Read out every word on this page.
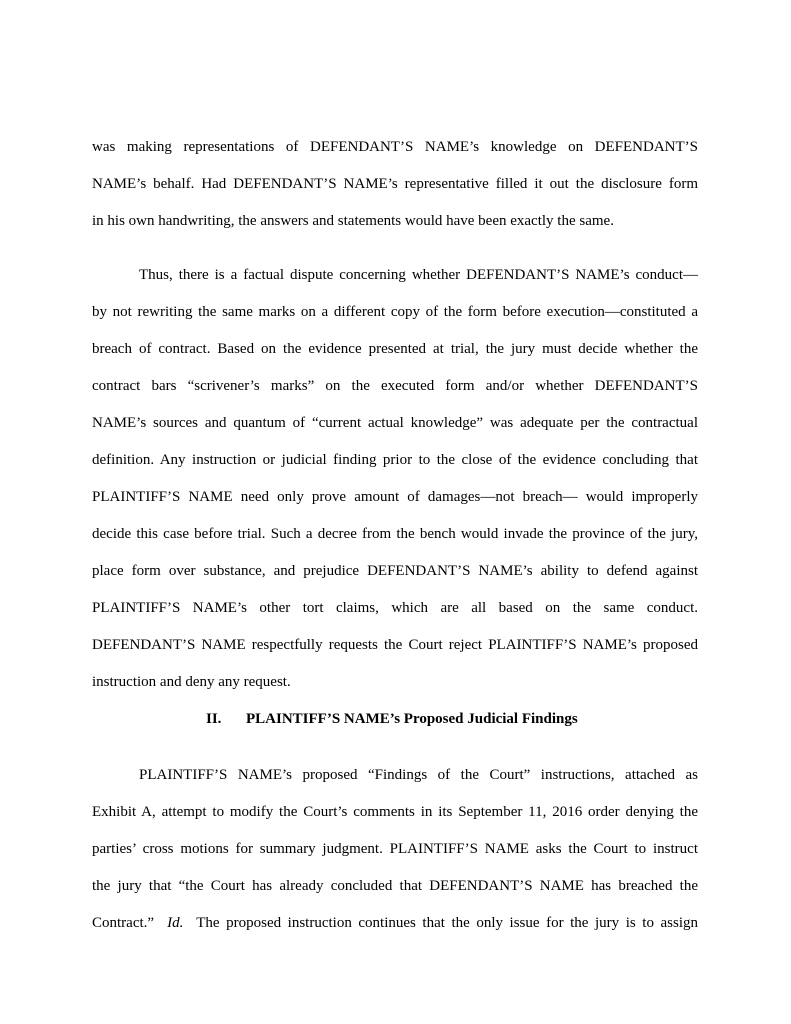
was making representations of DEFENDANT’S NAME’s knowledge on DEFENDANT’S
NAME’s behalf. Had DEFENDANT’S NAME’s representative filled it out the disclosure form
in his own handwriting, the answers and statements would have been exactly the same.
Thus, there is a factual dispute concerning whether DEFENDANT’S NAME’s conduct—
by not rewriting the same marks on a different copy of the form before execution—constituted a
breach of contract. Based on the evidence presented at trial, the jury must decide whether the
contract bars “scrivener’s marks” on the executed form and/or whether DEFENDANT’S
NAME’s sources and quantum of “current actual knowledge” was adequate per the contractual
definition. Any instruction or judicial finding prior to the close of the evidence concluding that
PLAINTIFF’S NAME need only prove amount of damages—not breach— would improperly
decide this case before trial. Such a decree from the bench would invade the province of the jury,
place form over substance, and prejudice DEFENDANT’S NAME’s ability to defend against
PLAINTIFF’S NAME’s other tort claims, which are all based on the same conduct.
DEFENDANT’S NAME respectfully requests the Court reject PLAINTIFF’S NAME’s proposed
instruction and deny any request.
II. PLAINTIFF’S NAME’s Proposed Judicial Findings
PLAINTIFF’S NAME’s proposed “Findings of the Court” instructions, attached as
Exhibit A, attempt to modify the Court’s comments in its September 11, 2016 order denying the
parties’ cross motions for summary judgment. PLAINTIFF’S NAME asks the Court to instruct
the jury that “the Court has already concluded that DEFENDANT’S NAME has breached the
Contract.”  Id.  The proposed instruction continues that the only issue for the jury is to assign
